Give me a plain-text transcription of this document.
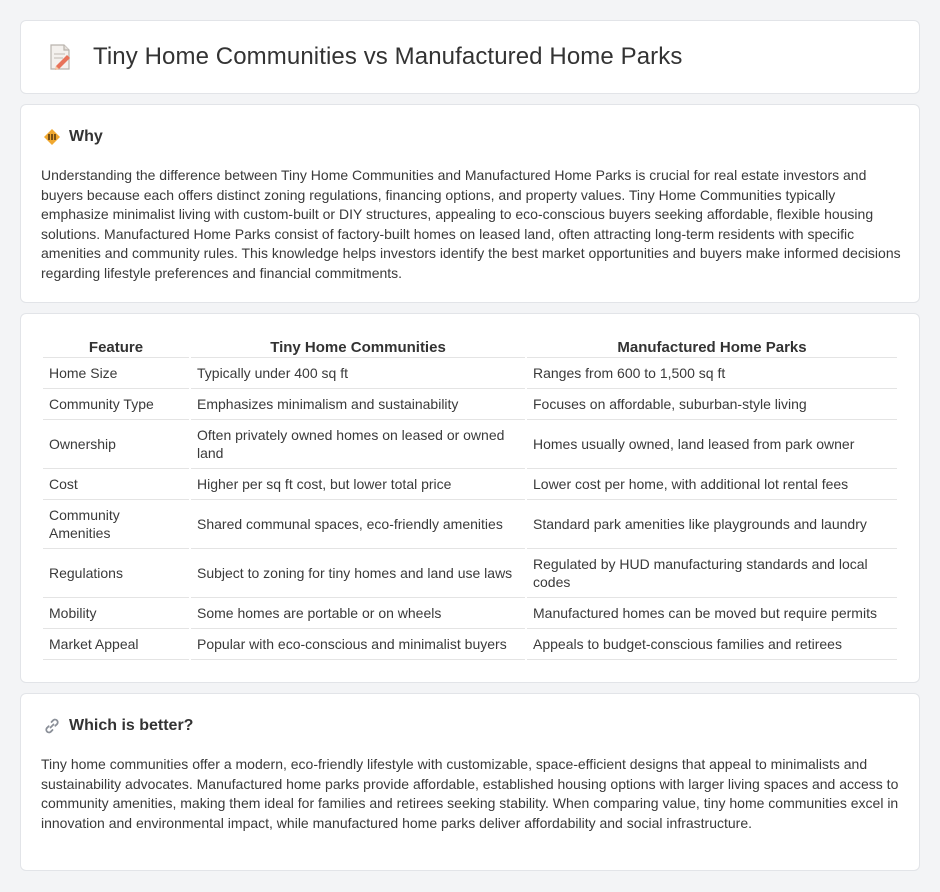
Tiny Home Communities vs Manufactured Home Parks
Why

Understanding the difference between Tiny Home Communities and Manufactured Home Parks is crucial for real estate investors and buyers because each offers distinct zoning regulations, financing options, and property values. Tiny Home Communities typically emphasize minimalist living with custom-built or DIY structures, appealing to eco-conscious buyers seeking affordable, flexible housing solutions. Manufactured Home Parks consist of factory-built homes on leased land, often attracting long-term residents with specific amenities and community rules. This knowledge helps investors identify the best market opportunities and buyers make informed decisions regarding lifestyle preferences and financial commitments.

Feature	Tiny Home Communities	Manufactured Home Parks
Home Size	Typically under 400 sq ft	Ranges from 600 to 1,500 sq ft
Community Type	Emphasizes minimalism and sustainability	Focuses on affordable, suburban-style living
Ownership	Often privately owned homes on leased or owned land	Homes usually owned, land leased from park owner
Cost	Higher per sq ft cost, but lower total price	Lower cost per home, with additional lot rental fees
Community Amenities	Shared communal spaces, eco-friendly amenities	Standard park amenities like playgrounds and laundry
Regulations	Subject to zoning for tiny homes and land use laws	Regulated by HUD manufacturing standards and local codes
Mobility	Some homes are portable or on wheels	Manufactured homes can be moved but require permits
Market Appeal	Popular with eco-conscious and minimalist buyers	Appeals to budget-conscious families and retirees
Which is better?

Tiny home communities offer a modern, eco-friendly lifestyle with customizable, space-efficient designs that appeal to minimalists and sustainability advocates. Manufactured home parks provide affordable, established housing options with larger living spaces and access to community amenities, making them ideal for families and retirees seeking stability. When comparing value, tiny home communities excel in innovation and environmental impact, while manufactured home parks deliver affordability and social infrastructure.
